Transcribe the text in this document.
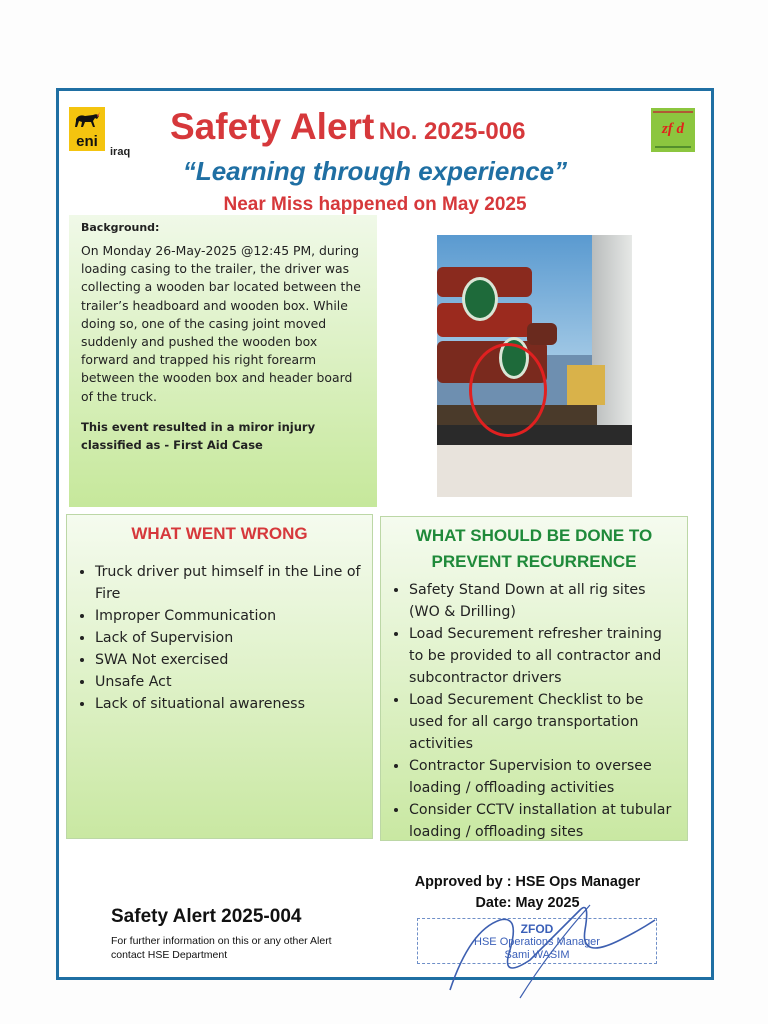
eni
iraq
zf d
Safety Alert No. 2025-006
“Learning through experience”
Near Miss happened on May 2025
Background:
On Monday 26-May-2025 @12:45 PM, during loading casing to the trailer, the driver was collecting a wooden bar located between the trailer’s headboard and wooden box. While doing so, one of the casing joint moved suddenly and pushed the wooden box forward and trapped his right forearm between the wooden box and header board of the truck.
This event resulted in a miror injury classified as - First Aid Case
WHAT WENT WRONG
• Truck driver put himself in the Line of Fire
• Improper Communication
• Lack of Supervision
• SWA Not exercised
• Unsafe Act
• Lack of situational awareness
WHAT SHOULD BE DONE TO PREVENT RECURRENCE
• Safety Stand Down at all rig sites (WO & Drilling)
• Load Securement refresher training to be provided to all contractor and subcontractor drivers
• Load Securement Checklist to be used for all cargo transportation activities
• Contractor Supervision to oversee loading / offloading activities
• Consider CCTV installation at tubular loading / offloading sites
Approved by : HSE Ops Manager
Date: May 2025
Safety Alert 2025-004
For further information on this or any other Alert contact HSE Department
ZFOD
HSE Operations Manager
Sami WASIM
